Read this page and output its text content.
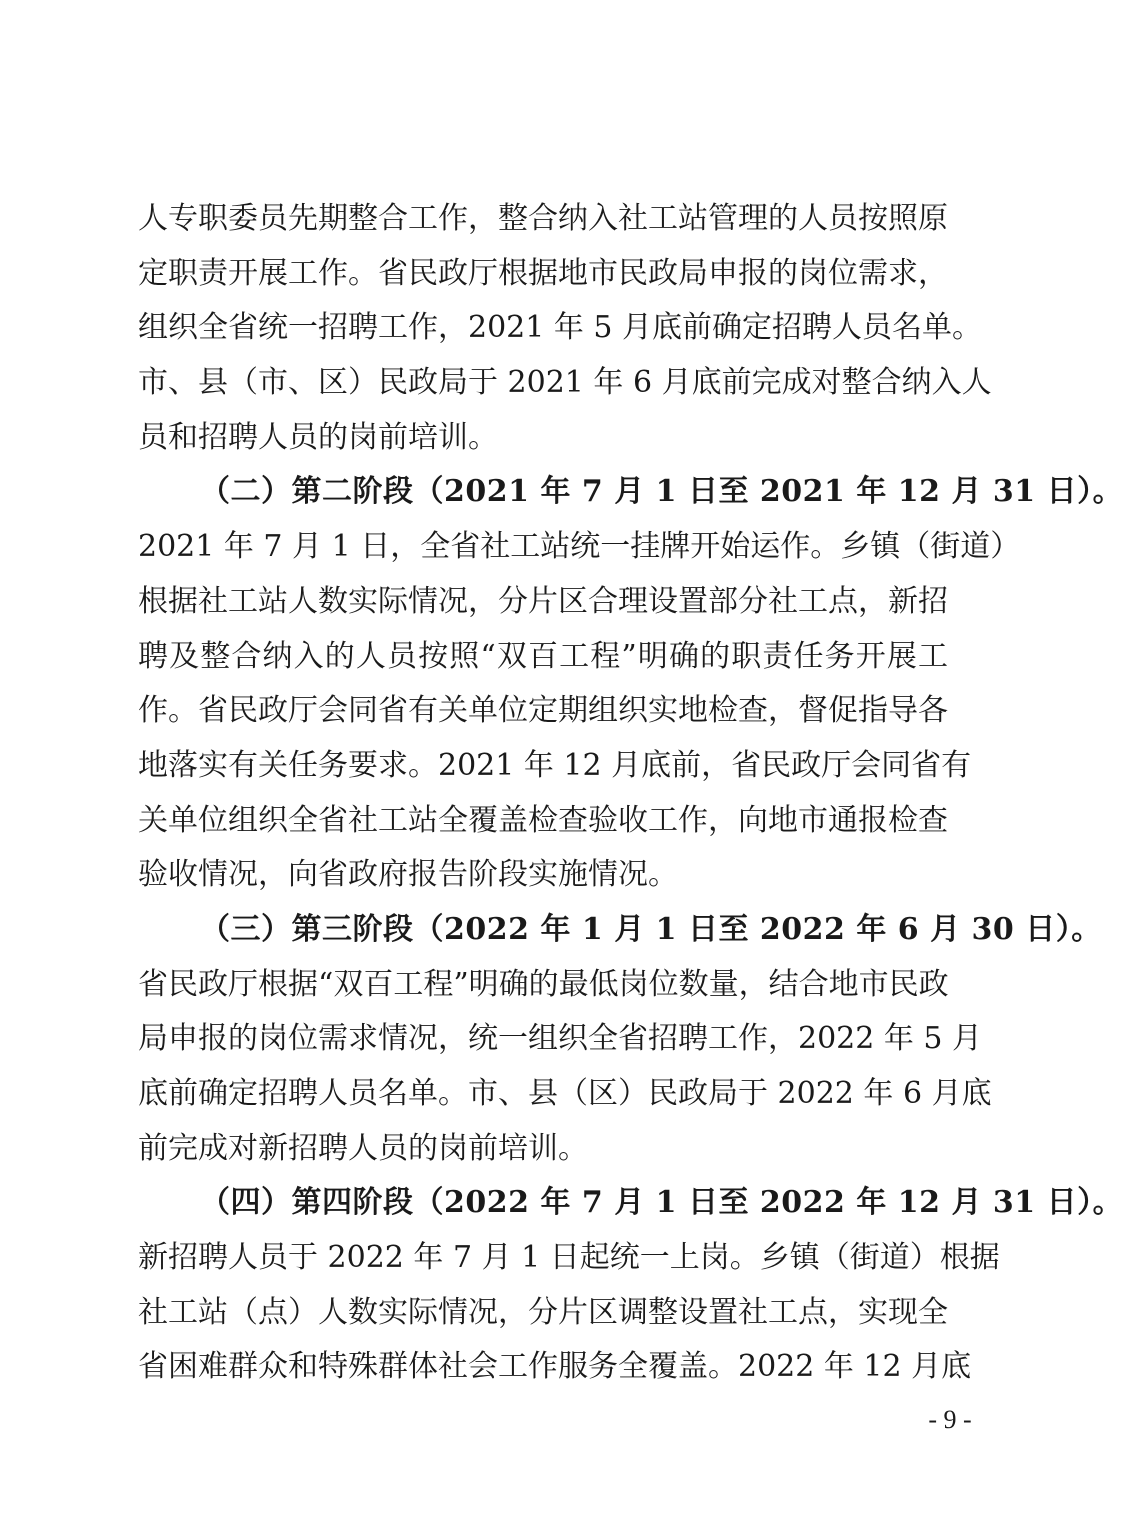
人专职委员先期整合工作，整合纳入社工站管理的人员按照原
定职责开展工作。省民政厅根据地市民政局申报的岗位需求，
组织全省统一招聘工作，2021 年 5 月底前确定招聘人员名单。
市、县（市、区）民政局于 2021 年 6 月底前完成对整合纳入人
员和招聘人员的岗前培训。
（二）第二阶段（2021 年 7 月 1 日至 2021 年 12 月 31 日）。
2021 年 7 月 1 日，全省社工站统一挂牌开始运作。乡镇（街道）
根据社工站人数实际情况，分片区合理设置部分社工点，新招
聘及整合纳入的人员按照“双百工程”明确的职责任务开展工
作。省民政厅会同省有关单位定期组织实地检查，督促指导各
地落实有关任务要求。2021 年 12 月底前，省民政厅会同省有
关单位组织全省社工站全覆盖检查验收工作，向地市通报检查
验收情况，向省政府报告阶段实施情况。
（三）第三阶段（2022 年 1 月 1 日至 2022 年 6 月 30 日）。
省民政厅根据“双百工程”明确的最低岗位数量，结合地市民政
局申报的岗位需求情况，统一组织全省招聘工作，2022 年 5 月
底前确定招聘人员名单。市、县（区）民政局于 2022 年 6 月底
前完成对新招聘人员的岗前培训。
（四）第四阶段（2022 年 7 月 1 日至 2022 年 12 月 31 日）。
新招聘人员于 2022 年 7 月 1 日起统一上岗。乡镇（街道）根据
社工站（点）人数实际情况，分片区调整设置社工点，实现全
省困难群众和特殊群体社会工作服务全覆盖。2022 年 12 月底
- 9 -
